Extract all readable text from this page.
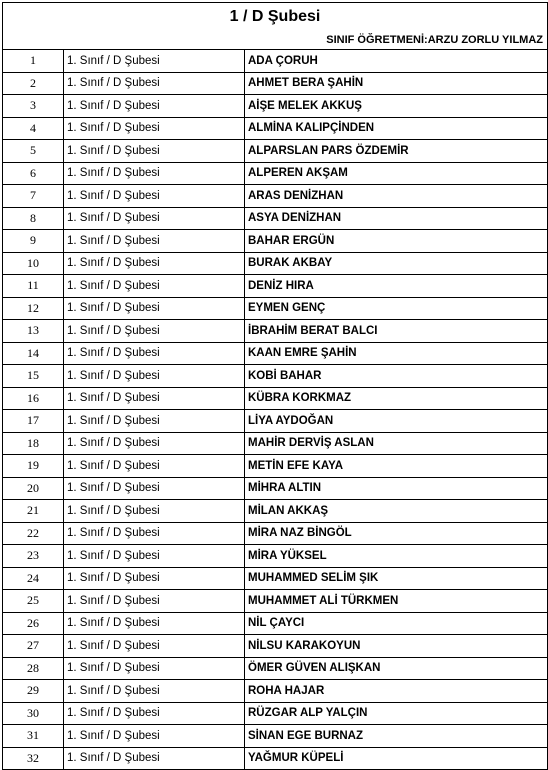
1 / D Şubesi
SINIF ÖĞRETMENİ:ARZU ZORLU YILMAZ
1	1. Sınıf / D Şubesi	ADA ÇORUH
2	1. Sınıf / D Şubesi	AHMET BERA ŞAHİN
3	1. Sınıf / D Şubesi	AİŞE MELEK AKKUŞ
4	1. Sınıf / D Şubesi	ALMİNA KALIPÇİNDEN
5	1. Sınıf / D Şubesi	ALPARSLAN PARS ÖZDEMİR
6	1. Sınıf / D Şubesi	ALPEREN AKŞAM
7	1. Sınıf / D Şubesi	ARAS DENİZHAN
8	1. Sınıf / D Şubesi	ASYA DENİZHAN
9	1. Sınıf / D Şubesi	BAHAR ERGÜN
10	1. Sınıf / D Şubesi	BURAK AKBAY
11	1. Sınıf / D Şubesi	DENİZ HIRA
12	1. Sınıf / D Şubesi	EYMEN GENÇ
13	1. Sınıf / D Şubesi	İBRAHİM BERAT BALCI
14	1. Sınıf / D Şubesi	KAAN EMRE ŞAHİN
15	1. Sınıf / D Şubesi	KOBİ BAHAR
16	1. Sınıf / D Şubesi	KÜBRA KORKMAZ
17	1. Sınıf / D Şubesi	LİYA AYDOĞAN
18	1. Sınıf / D Şubesi	MAHİR DERVİŞ ASLAN
19	1. Sınıf / D Şubesi	METİN EFE KAYA
20	1. Sınıf / D Şubesi	MİHRA ALTIN
21	1. Sınıf / D Şubesi	MİLAN AKKAŞ
22	1. Sınıf / D Şubesi	MİRA NAZ BİNGÖL
23	1. Sınıf / D Şubesi	MİRA YÜKSEL
24	1. Sınıf / D Şubesi	MUHAMMED SELİM ŞIK
25	1. Sınıf / D Şubesi	MUHAMMET ALİ TÜRKMEN
26	1. Sınıf / D Şubesi	NİL ÇAYCI
27	1. Sınıf / D Şubesi	NİLSU KARAKOYUN
28	1. Sınıf / D Şubesi	ÖMER GÜVEN ALIŞKAN
29	1. Sınıf / D Şubesi	ROHA HAJAR
30	1. Sınıf / D Şubesi	RÜZGAR ALP YALÇIN
31	1. Sınıf / D Şubesi	SİNAN EGE BURNAZ
32	1. Sınıf / D Şubesi	YAĞMUR KÜPELİ
